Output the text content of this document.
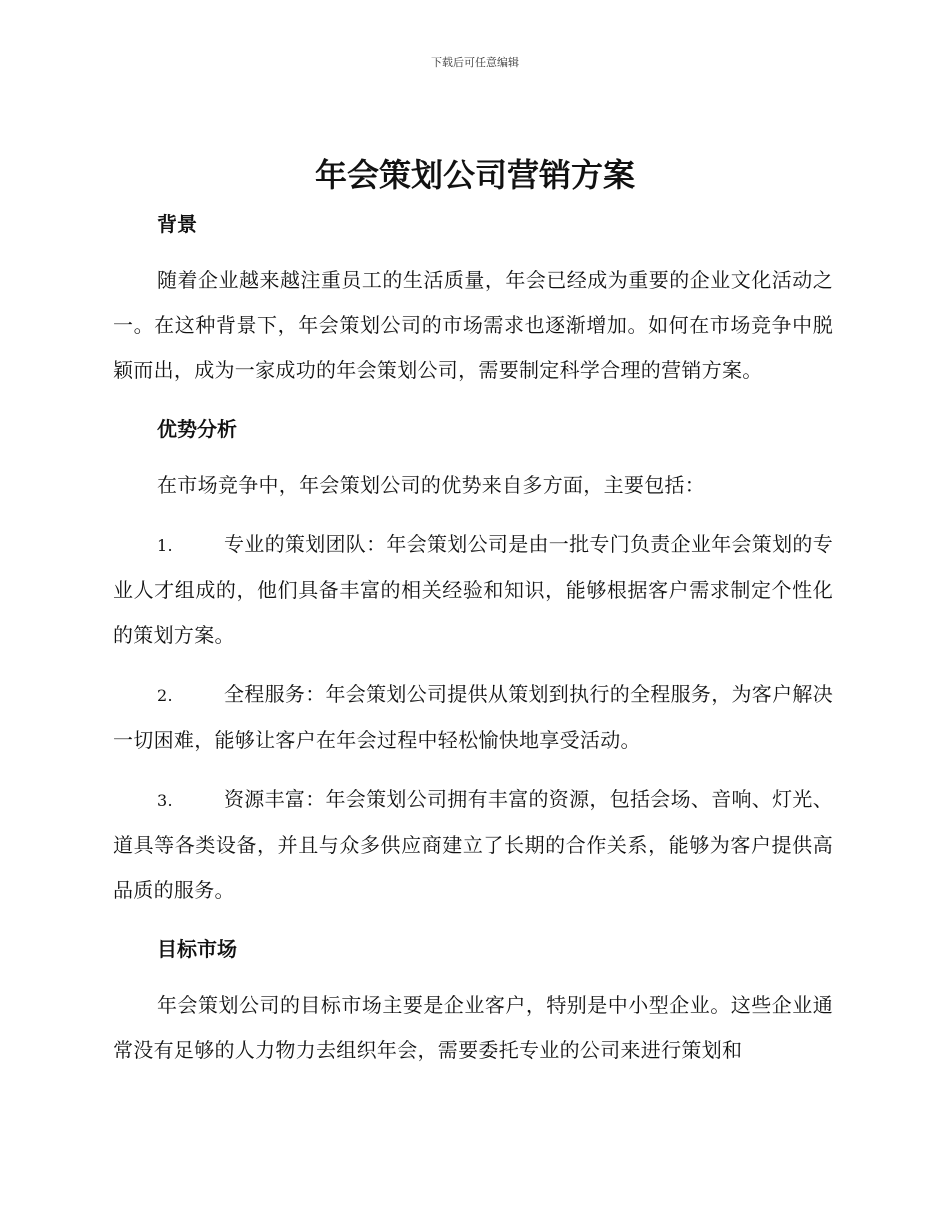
下载后可任意编辑
年会策划公司营销方案

背景

随着企业越来越注重员工的生活质量，年会已经成为重要的企业文化活动之一。在这种背景下，年会策划公司的市场需求也逐渐增加。如何在市场竞争中脱颖而出，成为一家成功的年会策划公司，需要制定科学合理的营销方案。

优势分析

在市场竞争中，年会策划公司的优势来自多方面，主要包括：

1.	专业的策划团队：年会策划公司是由一批专门负责企业年会策划的专业人才组成的，他们具备丰富的相关经验和知识，能够根据客户需求制定个性化的策划方案。

2.	全程服务：年会策划公司提供从策划到执行的全程服务，为客户解决一切困难，能够让客户在年会过程中轻松愉快地享受活动。

3.	资源丰富：年会策划公司拥有丰富的资源，包括会场、音响、灯光、道具等各类设备，并且与众多供应商建立了长期的合作关系，能够为客户提供高品质的服务。

目标市场

年会策划公司的目标市场主要是企业客户，特别是中小型企业。这些企业通常没有足够的人力物力去组织年会，需要委托专业的公司来进行策划和
